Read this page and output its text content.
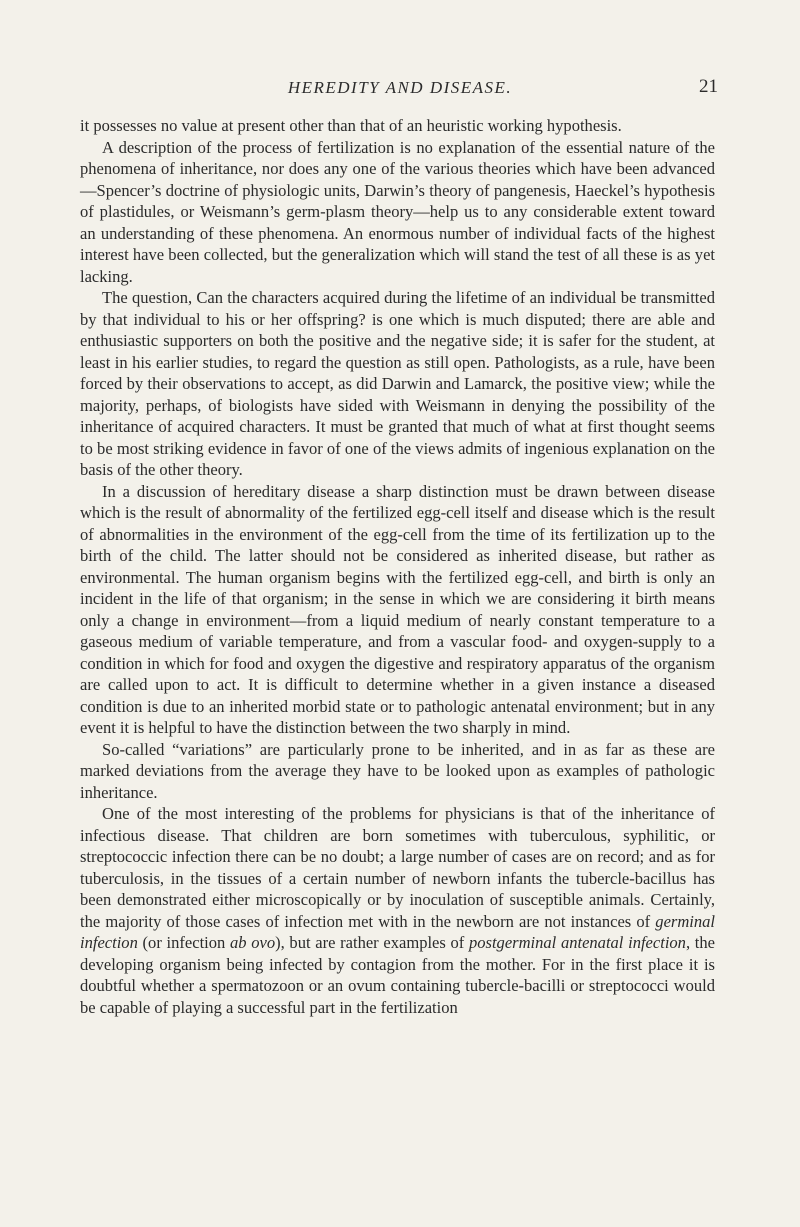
HEREDITY AND DISEASE.	21

it possesses no value at present other than that of an heuristic working hypothesis.

A description of the process of fertilization is no explanation of the essential nature of the phenomena of inheritance, nor does any one of the various theories which have been advanced—Spencer’s doctrine of physiologic units, Darwin’s theory of pangenesis, Haeckel’s hypothesis of plastidules, or Weismann’s germ-plasm theory—help us to any considerable extent toward an understanding of these phenomena. An enormous number of individual facts of the highest interest have been collected, but the generalization which will stand the test of all these is as yet lacking.

The question, Can the characters acquired during the lifetime of an individual be transmitted by that individual to his or her offspring? is one which is much disputed; there are able and enthusiastic supporters on both the positive and the negative side; it is safer for the student, at least in his earlier studies, to regard the question as still open. Pathologists, as a rule, have been forced by their observations to accept, as did Darwin and Lamarck, the positive view; while the majority, perhaps, of biologists have sided with Weismann in denying the possibility of the inheritance of acquired characters. It must be granted that much of what at first thought seems to be most striking evidence in favor of one of the views admits of ingenious explanation on the basis of the other theory.

In a discussion of hereditary disease a sharp distinction must be drawn between disease which is the result of abnormality of the fertilized egg-cell itself and disease which is the result of abnormalities in the environment of the egg-cell from the time of its fertilization up to the birth of the child. The latter should not be considered as inherited disease, but rather as environmental. The human organism begins with the fertilized egg-cell, and birth is only an incident in the life of that organism; in the sense in which we are considering it birth means only a change in environment—from a liquid medium of nearly constant temperature to a gaseous medium of variable temperature, and from a vascular food- and oxygen-supply to a condition in which for food and oxygen the digestive and respiratory apparatus of the organism are called upon to act. It is difficult to determine whether in a given instance a diseased condition is due to an inherited morbid state or to pathologic antenatal environment; but in any event it is helpful to have the distinction between the two sharply in mind.

So-called “variations” are particularly prone to be inherited, and in as far as these are marked deviations from the average they have to be looked upon as examples of pathologic inheritance.

One of the most interesting of the problems for physicians is that of the inheritance of infectious disease. That children are born sometimes with tuberculous, syphilitic, or streptococcic infection there can be no doubt; a large number of cases are on record; and as for tuberculosis, in the tissues of a certain number of newborn infants the tubercle-bacillus has been demonstrated either microscopically or by inoculation of susceptible animals. Certainly, the majority of those cases of infection met with in the newborn are not instances of germinal infection (or infection ab ovo), but are rather examples of postgerminal antenatal infection, the developing organism being infected by contagion from the mother. For in the first place it is doubtful whether a spermatozoon or an ovum containing tubercle-bacilli or streptococci would be capable of playing a successful part in the fertilization
